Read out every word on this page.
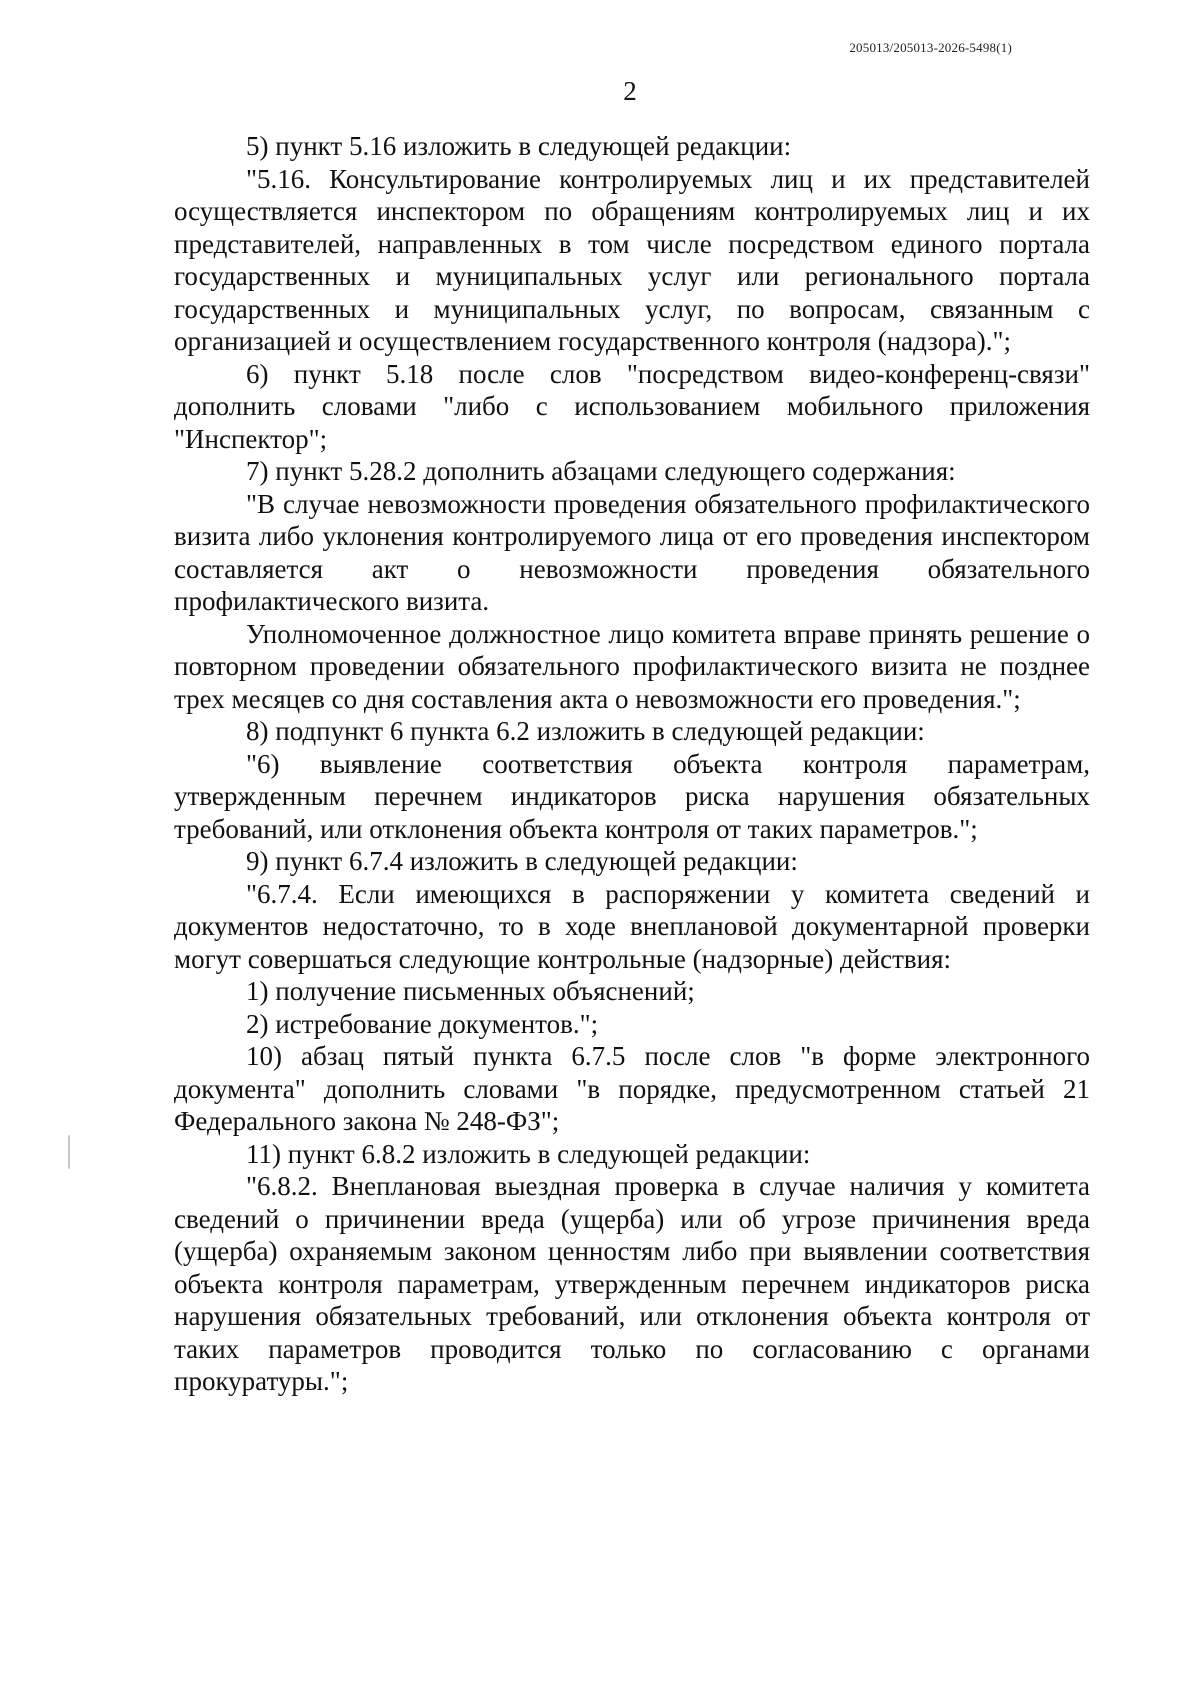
205013/205013-2026-5498(1)
2

5) пункт 5.16 изложить в следующей редакции:

"5.16. Консультирование контролируемых лиц и их представителей осуществляется инспектором по обращениям контролируемых лиц и их представителей, направленных в том числе посредством единого портала государственных и муниципальных услуг или регионального портала государственных и муниципальных услуг, по вопросам, связанным с организацией и осуществлением государственного контроля (надзора).";

6) пункт 5.18 после слов "посредством видео-конференц-связи" дополнить словами "либо с использованием мобильного приложения "Инспектор";

7) пункт 5.28.2 дополнить абзацами следующего содержания:

"В случае невозможности проведения обязательного профилактического визита либо уклонения контролируемого лица от его проведения инспектором составляется акт о невозможности проведения обязательного профилактического визита.

Уполномоченное должностное лицо комитета вправе принять решение о повторном проведении обязательного профилактического визита не позднее трех месяцев со дня составления акта о невозможности его проведения.";

8) подпункт 6 пункта 6.2 изложить в следующей редакции:

"6) выявление соответствия объекта контроля параметрам, утвержденным перечнем индикаторов риска нарушения обязательных требований, или отклонения объекта контроля от таких параметров.";

9) пункт 6.7.4 изложить в следующей редакции:

"6.7.4. Если имеющихся в распоряжении у комитета сведений и документов недостаточно, то в ходе внеплановой документарной проверки могут совершаться следующие контрольные (надзорные) действия:

1) получение письменных объяснений;

2) истребование документов.";

10) абзац пятый пункта 6.7.5 после слов "в форме электронного документа" дополнить словами "в порядке, предусмотренном статьей 21 Федерального закона № 248-ФЗ";

11) пункт 6.8.2 изложить в следующей редакции:

"6.8.2. Внеплановая выездная проверка в случае наличия у комитета сведений о причинении вреда (ущерба) или об угрозе причинения вреда (ущерба) охраняемым законом ценностям либо при выявлении соответствия объекта контроля параметрам, утвержденным перечнем индикаторов риска нарушения обязательных требований, или отклонения объекта контроля от таких параметров проводится только по согласованию с органами прокуратуры.";
